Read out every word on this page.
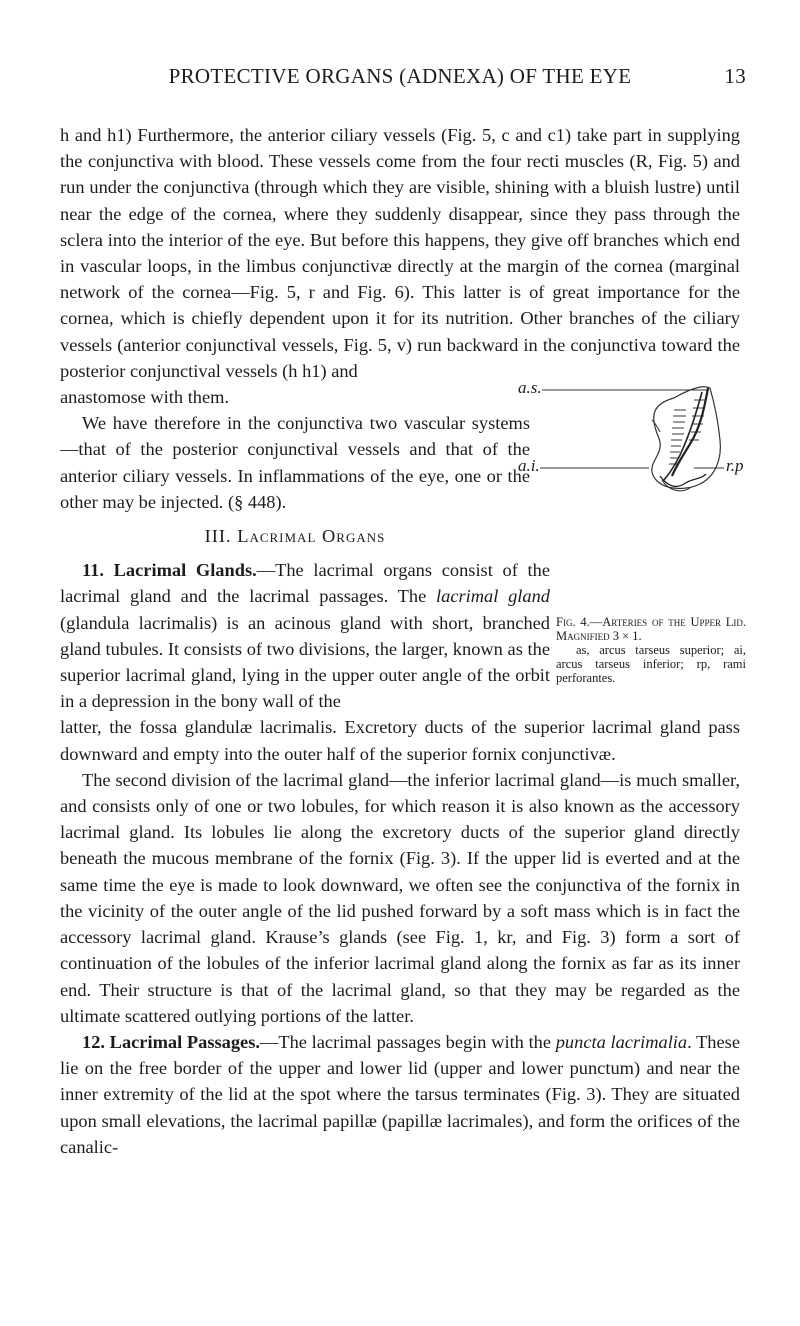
PROTECTIVE ORGANS (ADNEXA) OF THE EYE	13

h and h1) Furthermore, the anterior ciliary vessels (Fig. 5, c and c1) take part in supplying the conjunctiva with blood. These vessels come from the four recti muscles (R, Fig. 5) and run under the conjunctiva (through which they are visible, shining with a bluish lustre) until near the edge of the cornea, where they suddenly disappear, since they pass through the sclera into the interior of the eye. But before this happens, they give off branches which end in vascular loops, in the limbus conjunctivæ directly at the margin of the cornea (marginal network of the cornea—Fig. 5, r and Fig. 6). This latter is of great importance for the cornea, which is chiefly dependent upon it for its nutrition. Other branches of the ciliary vessels (anterior conjunctival vessels, Fig. 5, v) run backward in the conjunctiva toward the posterior conjunctival vessels (h h1) and

anastomose with them.

We have therefore in the conjunctiva two vascular systems—that of the posterior conjunctival vessels and that of the anterior ciliary vessels. In inflammations of the eye, one or the other may be injected. (§ 448).

III. Lacrimal Organs

11. Lacrimal Glands.—The lacrimal organs consist of the lacrimal gland and the lacrimal passages. The lacrimal gland (glandula lacrimalis) is an acinous gland with short, branched gland tubules. It consists of two divisions, the larger, known as the superior lacrimal gland, lying in the upper outer angle of the orbit in a depression in the bony wall of the

latter, the fossa glandulæ lacrimalis. Excretory ducts of the superior lacrimal gland pass downward and empty into the outer half of the superior fornix conjunctivæ.

The second division of the lacrimal gland—the inferior lacrimal gland—is much smaller, and consists only of one or two lobules, for which reason it is also known as the accessory lacrimal gland. Its lobules lie along the excretory ducts of the superior gland directly beneath the mucous membrane of the fornix (Fig. 3). If the upper lid is everted and at the same time the eye is made to look downward, we often see the conjunctiva of the fornix in the vicinity of the outer angle of the lid pushed forward by a soft mass which is in fact the accessory lacrimal gland. Krause’s glands (see Fig. 1, kr, and Fig. 3) form a sort of continuation of the lobules of the inferior lacrimal gland along the fornix as far as its inner end. Their structure is that of the lacrimal gland, so that they may be regarded as the ultimate scattered outlying portions of the latter.

12. Lacrimal Passages.—The lacrimal passages begin with the puncta lacrimalia. These lie on the free border of the upper and lower lid (upper and lower punctum) and near the inner extremity of the lid at the spot where the tarsus terminates (Fig. 3). They are situated upon small elevations, the lacrimal papillæ (papillæ lacrimales), and form the orifices of the canalic-

a.s.
a.i.	r.p
Fig. 4.—Arteries of the Upper Lid. Magnified 3 × 1.
as, arcus tarseus superior; ai, arcus tarseus inferior; rp, rami perforantes.
